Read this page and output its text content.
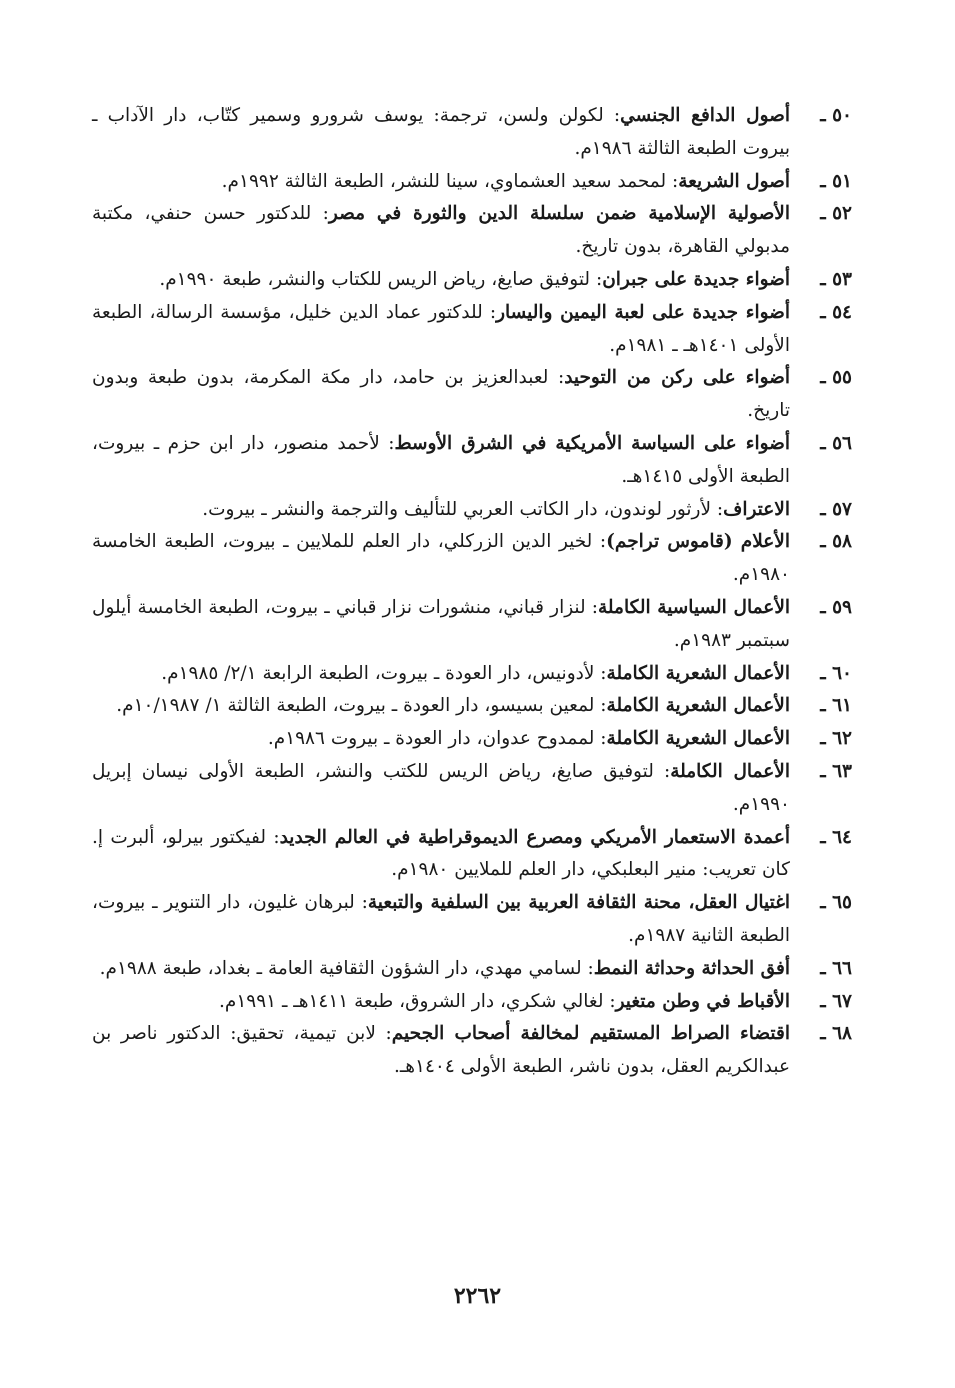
٥٠ ـ
أصول الدافع الجنسي: لكولن ولسن، ترجمة: يوسف شرورو وسمير كتّاب، دار الآداب ـ بيروت الطبعة الثالثة ١٩٨٦م.
٥١ ـ
أصول الشريعة: لمحمد سعيد العشماوي، سينا للنشر، الطبعة الثالثة ١٩٩٢م.
٥٢ ـ
الأصولية الإسلامية ضمن سلسلة الدين والثورة في مصر: للدكتور حسن حنفي، مكتبة مدبولي القاهرة، بدون تاريخ.
٥٣ ـ
أضواء جديدة على جبران: لتوفيق صايغ، رياض الريس للكتاب والنشر، طبعة ١٩٩٠م.
٥٤ ـ
أضواء جديدة على لعبة اليمين واليسار: للدكتور عماد الدين خليل، مؤسسة الرسالة، الطبعة الأولى ١٤٠١هـ ـ ١٩٨١م.
٥٥ ـ
أضواء على ركن من التوحيد: لعبدالعزيز بن حامد، دار مكة المكرمة، بدون طبعة وبدون تاريخ.
٥٦ ـ
أضواء على السياسة الأمريكية في الشرق الأوسط: لأحمد منصور، دار ابن حزم ـ بيروت، الطبعة الأولى ١٤١٥هـ.
٥٧ ـ
الاعتراف: لأرثور لوندون، دار الكاتب العربي للتأليف والترجمة والنشر ـ بيروت.
٥٨ ـ
الأعلام (قاموس تراجم): لخير الدين الزركلي، دار العلم للملايين ـ بيروت، الطبعة الخامسة ١٩٨٠م.
٥٩ ـ
الأعمال السياسية الكاملة: لنزار قباني، منشورات نزار قباني ـ بيروت، الطبعة الخامسة أيلول سبتمبر ١٩٨٣م.
٦٠ ـ
الأعمال الشعرية الكاملة: لأدونيس، دار العودة ـ بيروت، الطبعة الرابعة ٢/١/ ١٩٨٥م.
٦١ ـ
الأعمال الشعرية الكاملة: لمعين بسيسو، دار العودة ـ بيروت، الطبعة الثالثة ١/ ١٠/١٩٨٧م.
٦٢ ـ
الأعمال الشعرية الكاملة: لممدوح عدوان، دار العودة ـ بيروت ١٩٨٦م.
٦٣ ـ
الأعمال الكاملة: لتوفيق صايغ، رياض الريس للكتب والنشر، الطبعة الأولى نيسان إبريل ١٩٩٠م.
٦٤ ـ
أعمدة الاستعمار الأمريكي ومصرع الديموقراطية في العالم الجديد: لفيكتور بيرلو، ألبرت إ. كان تعريب: منير البعلبكي، دار العلم للملايين ١٩٨٠م.
٦٥ ـ
اغتيال العقل، محنة الثقافة العربية بين السلفية والتبعية: لبرهان غليون، دار التنوير ـ بيروت، الطبعة الثانية ١٩٨٧م.
٦٦ ـ
أفق الحداثة وحداثة النمط: لسامي مهدي، دار الشؤون الثقافية العامة ـ بغداد، طبعة ١٩٨٨م.
٦٧ ـ
الأقباط في وطن متغير: لغالي شكري، دار الشروق، طبعة ١٤١١هـ ـ ١٩٩١م.
٦٨ ـ
اقتضاء الصراط المستقيم لمخالفة أصحاب الجحيم: لابن تيمية، تحقيق: الدكتور ناصر بن عبدالكريم العقل، بدون ناشر، الطبعة الأولى ١٤٠٤هـ.
٢٢٦٢
